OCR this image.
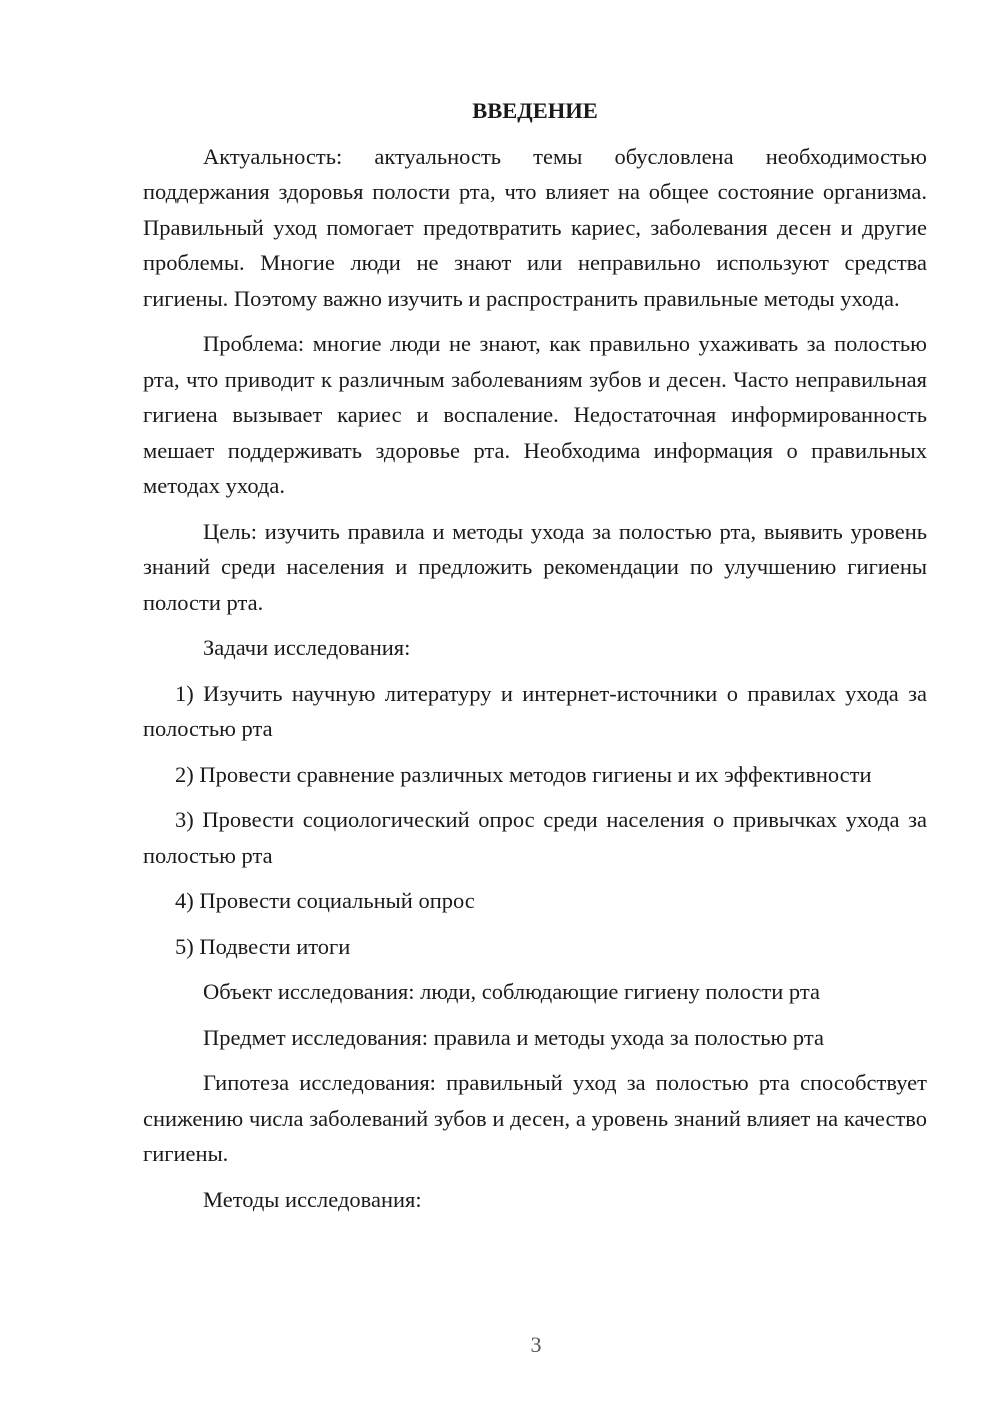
ВВЕДЕНИЕ

Актуальность: актуальность темы обусловлена необходимостью поддержания здоровья полости рта, что влияет на общее состояние организма. Правильный уход помогает предотвратить кариес, заболевания десен и другие проблемы. Многие люди не знают или неправильно используют средства гигиены. Поэтому важно изучить и распространить правильные методы ухода.

Проблема: многие люди не знают, как правильно ухаживать за полостью рта, что приводит к различным заболеваниям зубов и десен. Часто неправильная гигиена вызывает кариес и воспаление. Недостаточная информированность мешает поддерживать здоровье рта. Необходима информация о правильных методах ухода.

Цель: изучить правила и методы ухода за полостью рта, выявить уровень знаний среди населения и предложить рекомендации по улучшению гигиены полости рта.

Задачи исследования:

1) Изучить научную литературу и интернет-источники о правилах ухода за полостью рта

2) Провести сравнение различных методов гигиены и их эффективности

3) Провести социологический опрос среди населения о привычках ухода за полостью рта

4) Провести социальный опрос

5) Подвести итоги

Объект исследования: люди, соблюдающие гигиену полости рта

Предмет исследования: правила и методы ухода за полостью рта

Гипотеза исследования: правильный уход за полостью рта способствует снижению числа заболеваний зубов и десен, а уровень знаний влияет на качество гигиены.

Методы исследования:

3
